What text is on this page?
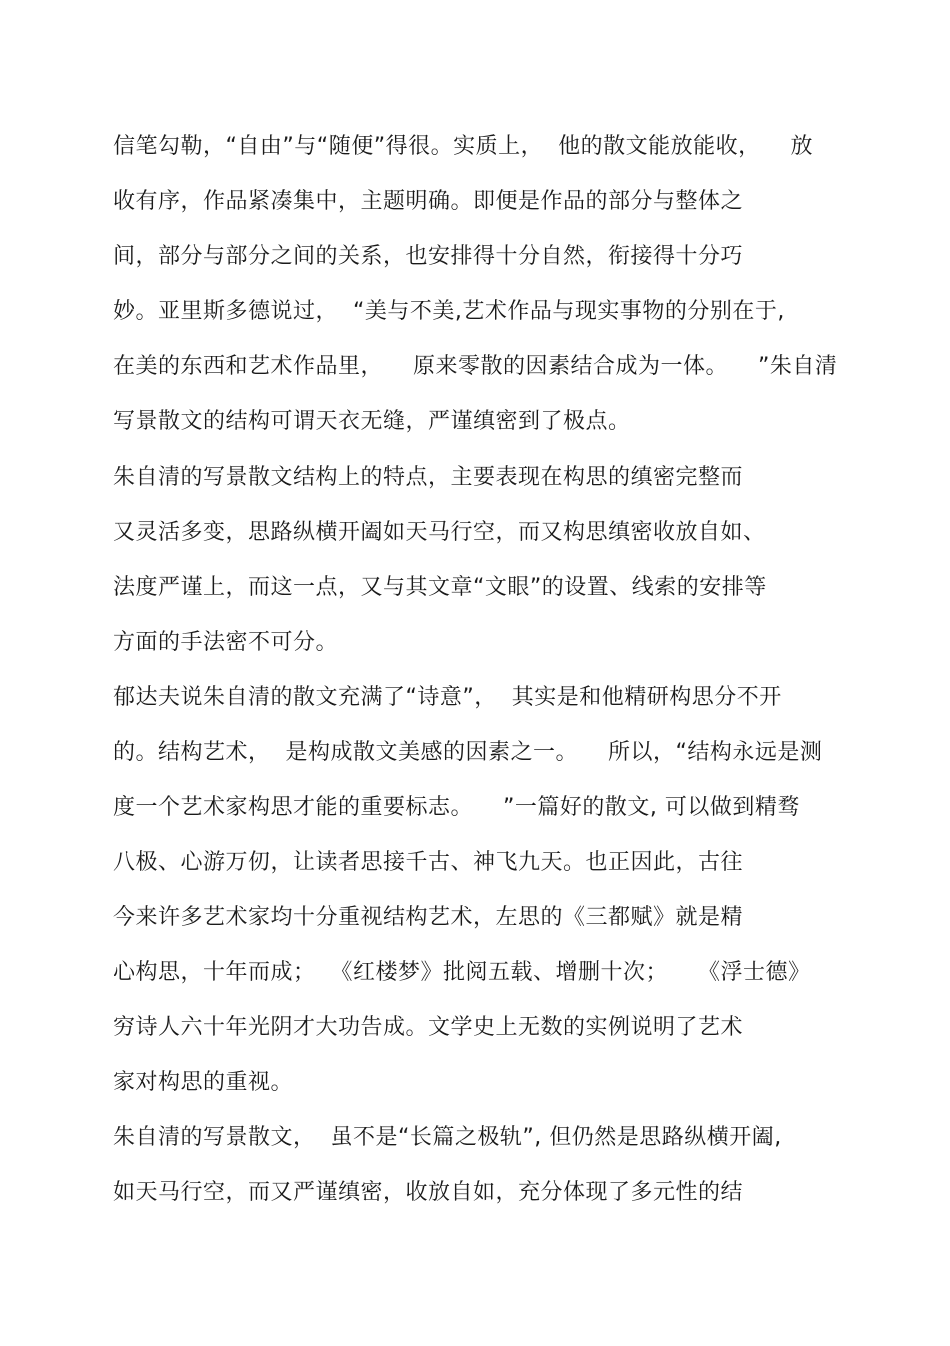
信笔勾勒，“自由”与“随便”得很。实质上，  他的散文能放能收，    放

收有序，作品紧凑集中，主题明确。即便是作品的部分与整体之

间，部分与部分之间的关系，也安排得十分自然，衔接得十分巧

妙。亚里斯多德说过，  “美与不美,艺术作品与现实事物的分别在于,

在美的东西和艺术作品里，    原来零散的因素结合成为一体。    ”朱自清

写景散文的结构可谓天衣无缝，严谨缜密到了极点。

朱自清的写景散文结构上的特点，主要表现在构思的缜密完整而

又灵活多变，思路纵横开阖如天马行空，而又构思缜密收放自如、

法度严谨上，而这一点，又与其文章“文眼”的设置、线索的安排等

方面的手法密不可分。

郁达夫说朱自清的散文充满了“诗意”，  其实是和他精研构思分不开

的。结构艺术，  是构成散文美感的因素之一。    所以，“结构永远是测

度一个艺术家构思才能的重要标志。    ”一篇好的散文, 可以做到精骛

八极、心游万仞，让读者思接千古、神飞九天。也正因此，古往

今来许多艺术家均十分重视结构艺术，左思的《三都赋》就是精

心构思，十年而成；  《红楼梦》批阅五载、增删十次；    《浮士德》

穷诗人六十年光阴才大功告成。文学史上无数的实例说明了艺术

家对构思的重视。

朱自清的写景散文，  虽不是“长篇之极轨”, 但仍然是思路纵横开阖,

如天马行空，而又严谨缜密，收放自如，充分体现了多元性的结
